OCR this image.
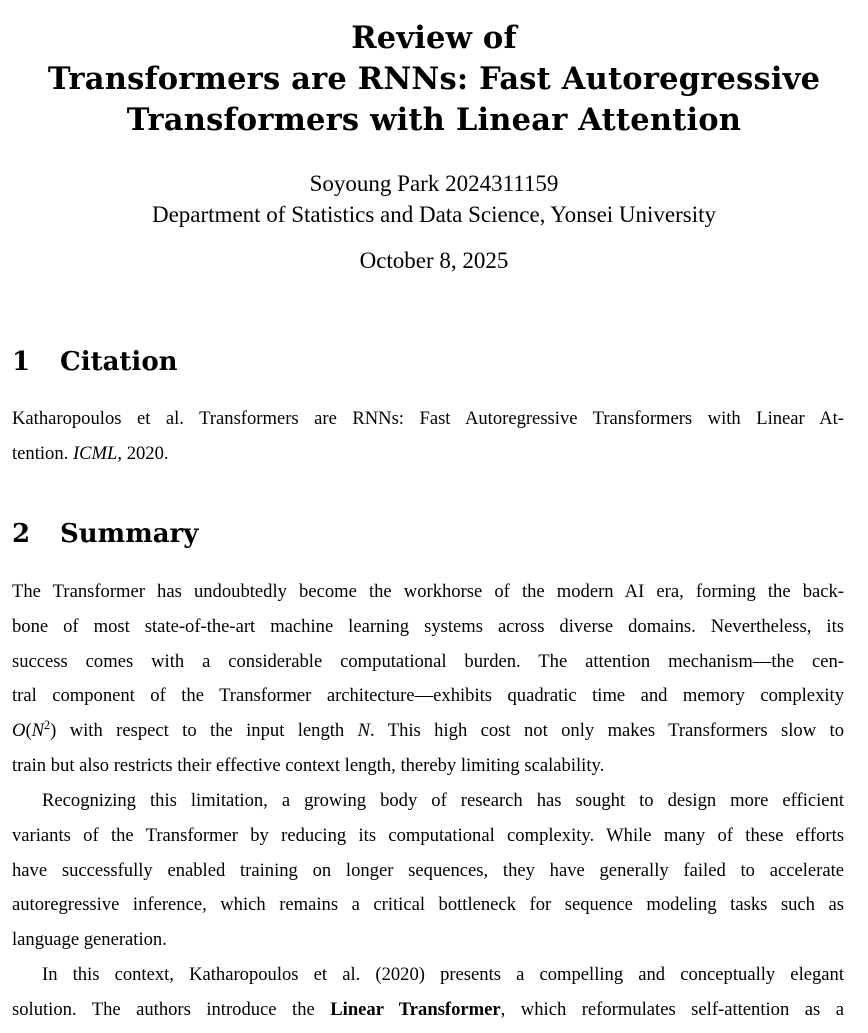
Review of
Transformers are RNNs: Fast Autoregressive
Transformers with Linear Attention
Soyoung Park 2024311159
Department of Statistics and Data Science, Yonsei University
October 8, 2025
1 Citation
Katharopoulos et al. Transformers are RNNs: Fast Autoregressive Transformers with Linear At-
tention. ICML, 2020.
2 Summary
The Transformer has undoubtedly become the workhorse of the modern AI era, forming the back-
bone of most state-of-the-art machine learning systems across diverse domains. Nevertheless, its
success comes with a considerable computational burden. The attention mechanism—the cen-
tral component of the Transformer architecture—exhibits quadratic time and memory complexity
$O(N^2)$ with respect to the input length N. This high cost not only makes Transformers slow to
train but also restricts their effective context length, thereby limiting scalability.
Recognizing this limitation, a growing body of research has sought to design more efficient
variants of the Transformer by reducing its computational complexity. While many of these efforts
have successfully enabled training on longer sequences, they have generally failed to accelerate
autoregressive inference, which remains a critical bottleneck for sequence modeling tasks such as
language generation.
In this context, Katharopoulos et al. (2020) presents a compelling and conceptually elegant
solution. The authors introduce the Linear Transformer, which reformulates self-attention as a
